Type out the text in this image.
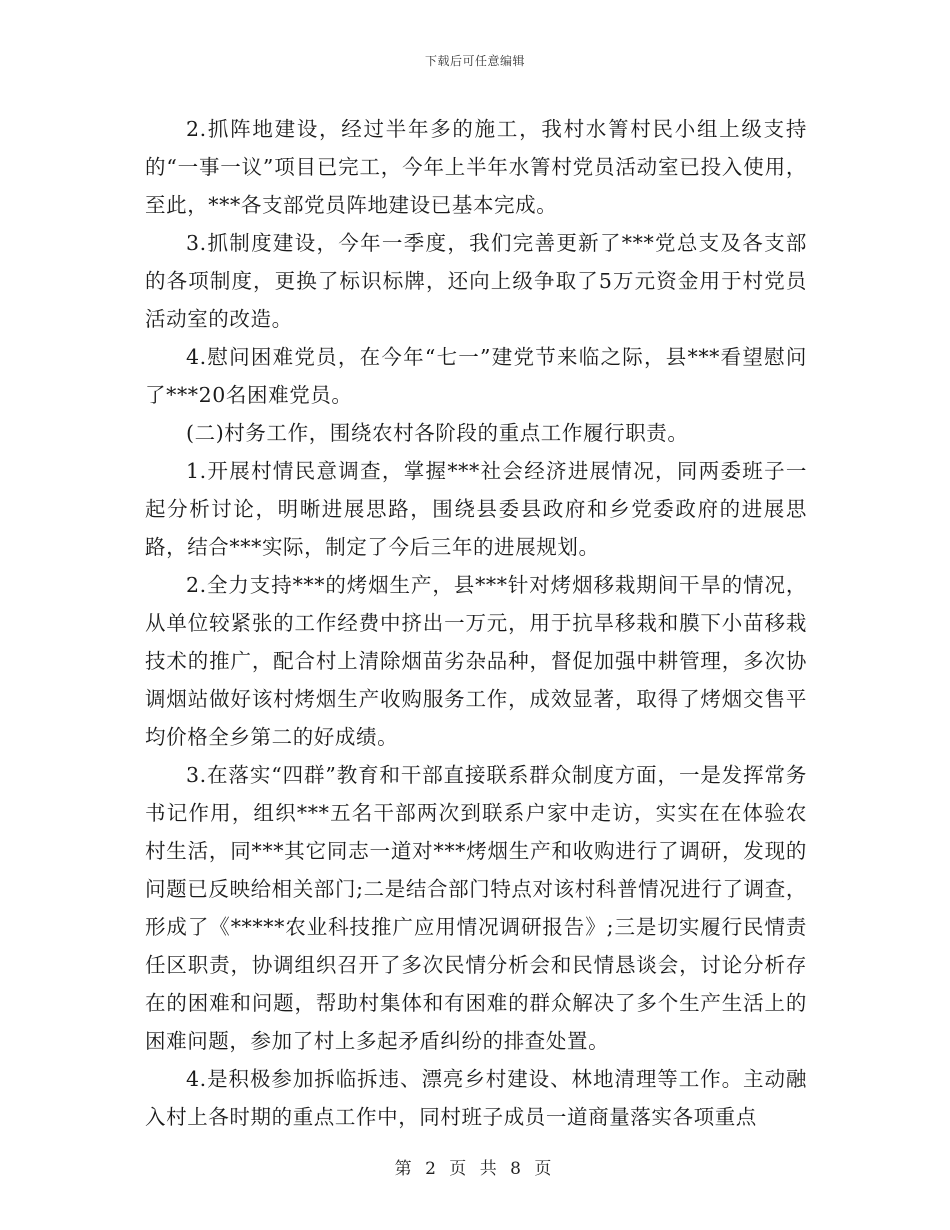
下载后可任意编辑

2.抓阵地建设，经过半年多的施工，我村水箐村民小组上级支持的“一事一议”项目已完工，今年上半年水箐村党员活动室已投入使用，至此，***各支部党员阵地建设已基本完成。

3.抓制度建设，今年一季度，我们完善更新了***党总支及各支部的各项制度，更换了标识标牌，还向上级争取了5万元资金用于村党员活动室的改造。

4.慰问困难党员，在今年“七一”建党节来临之际，县***看望慰问了***20名困难党员。

(二)村务工作，围绕农村各阶段的重点工作履行职责。

1.开展村情民意调查，掌握***社会经济进展情况，同两委班子一起分析讨论，明晰进展思路，围绕县委县政府和乡党委政府的进展思路，结合***实际，制定了今后三年的进展规划。

2.全力支持***的烤烟生产，县***针对烤烟移栽期间干旱的情况，从单位较紧张的工作经费中挤出一万元，用于抗旱移栽和膜下小苗移栽技术的推广，配合村上清除烟苗劣杂品种，督促加强中耕管理，多次协调烟站做好该村烤烟生产收购服务工作，成效显著，取得了烤烟交售平均价格全乡第二的好成绩。

3.在落实“四群”教育和干部直接联系群众制度方面，一是发挥常务书记作用，组织***五名干部两次到联系户家中走访，实实在在体验农村生活，同***其它同志一道对***烤烟生产和收购进行了调研，发现的问题已反映给相关部门;二是结合部门特点对该村科普情况进行了调查，形成了《*****农业科技推广应用情况调研报告》;三是切实履行民情责任区职责，协调组织召开了多次民情分析会和民情恳谈会，讨论分析存在的困难和问题，帮助村集体和有困难的群众解决了多个生产生活上的困难问题，参加了村上多起矛盾纠纷的排查处置。

4.是积极参加拆临拆违、漂亮乡村建设、林地清理等工作。主动融入村上各时期的重点工作中，同村班子成员一道商量落实各项重点

第 2 页 共 8 页
